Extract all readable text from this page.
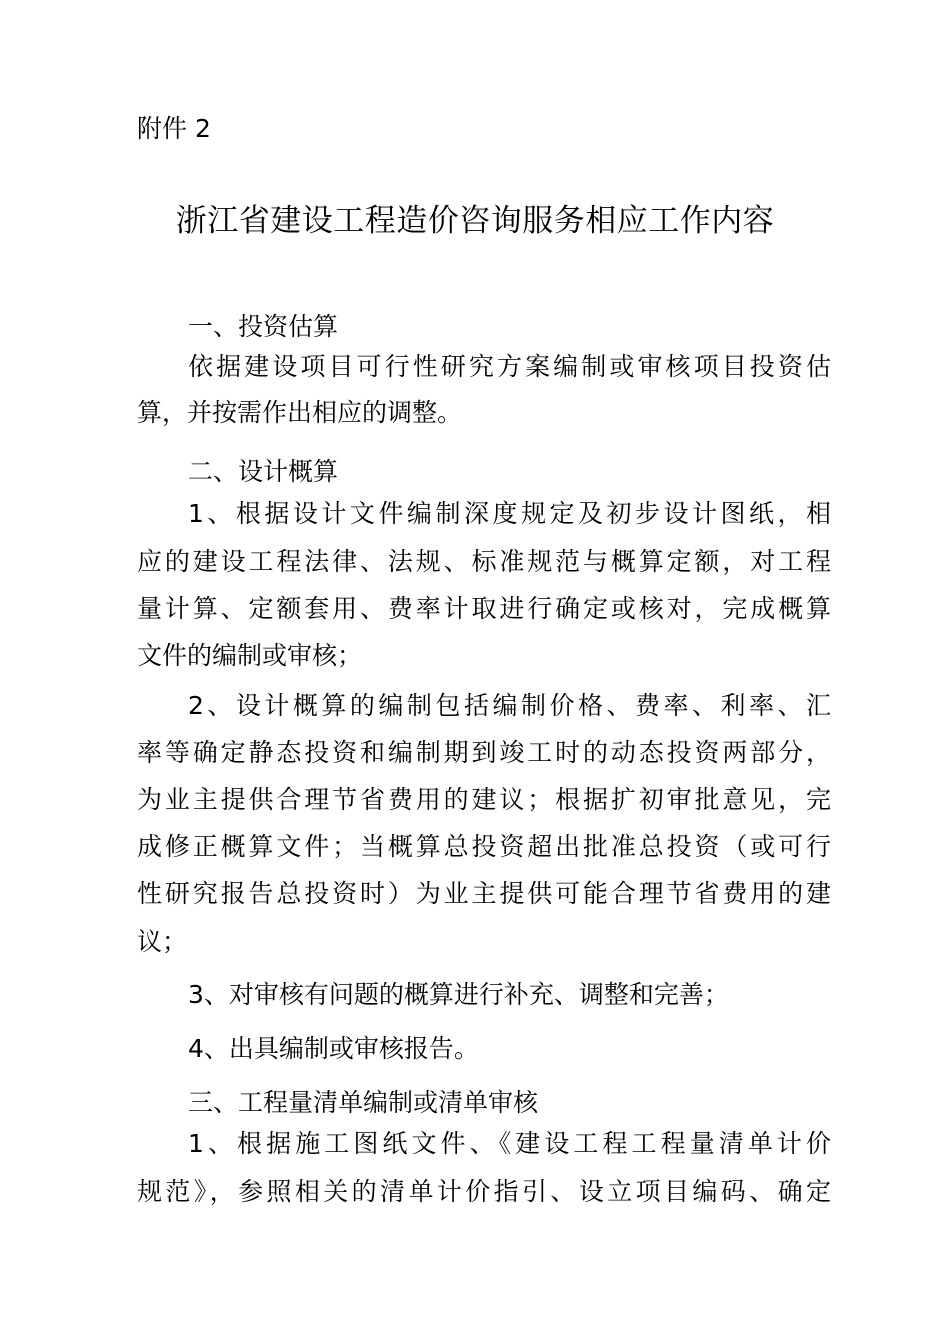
附件 2
浙江省建设工程造价咨询服务相应工作内容
一、投资估算
依据建设项目可行性研究方案编制或审核项目投资估
算，并按需作出相应的调整。
二、设计概算
1、根据设计文件编制深度规定及初步设计图纸，相
应的建设工程法律、法规、标准规范与概算定额，对工程
量计算、定额套用、费率计取进行确定或核对，完成概算
文件的编制或审核；
2、设计概算的编制包括编制价格、费率、利率、汇
率等确定静态投资和编制期到竣工时的动态投资两部分，
为业主提供合理节省费用的建议；根据扩初审批意见，完
成修正概算文件；当概算总投资超出批准总投资（或可行
性研究报告总投资时）为业主提供可能合理节省费用的建
议；
3、对审核有问题的概算进行补充、调整和完善；
4、出具编制或审核报告。
三、工程量清单编制或清单审核
1、根据施工图纸文件、《建设工程工程量清单计价
规范》，参照相关的清单计价指引、设立项目编码、确定
